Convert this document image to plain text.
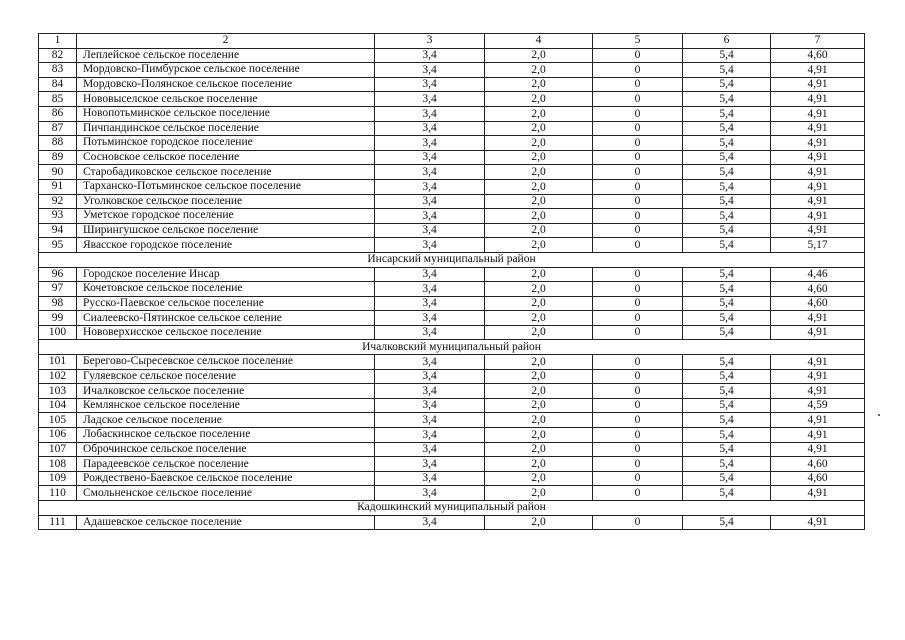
1	2	3	4	5	6	7
82	Леплейское сельское поселение	3,4	2,0	0	5,4	4,60
83	Мордовско-Пимбурское сельское поселение	3,4	2,0	0	5,4	4,91
84	Мордовско-Полянское сельское поселение	3,4	2,0	0	5,4	4,91
85	Нововыселское сельское поселение	3,4	2,0	0	5,4	4,91
86	Новопотьминское сельское поселение	3,4	2,0	0	5,4	4,91
87	Пичпандинское сельское поселение	3,4	2,0	0	5,4	4,91
88	Потьминское городское поселение	3,4	2,0	0	5,4	4,91
89	Сосновское сельское поселение	3,4	2,0	0	5,4	4,91
90	Старобадиковское сельское поселение	3,4	2,0	0	5,4	4,91
91	Тарханско-Потьминское сельское поселение	3,4	2,0	0	5,4	4,91
92	Уголковское сельское поселение	3,4	2,0	0	5,4	4,91
93	Уметское городское поселение	3,4	2,0	0	5,4	4,91
94	Ширингушское сельское поселение	3,4	2,0	0	5,4	4,91
95	Явасское городское поселение	3,4	2,0	0	5,4	5,17
Инсарский муниципальный район						
96	Городское поселение Инсар	3,4	2,0	0	5,4	4,46
97	Кочетовское сельское поселение	3,4	2,0	0	5,4	4,60
98	Русско-Паевское сельское поселение	3,4	2,0	0	5,4	4,60
99	Сиалеевско-Пятинское сельское селение	3,4	2,0	0	5,4	4,91
100	Нововерхисское сельское поселение	3,4	2,0	0	5,4	4,91
Ичалковский муниципальный район						
101	Берегово-Сыресевское сельское поселение	3,4	2,0	0	5,4	4,91
102	Гуляевское сельское поселение	3,4	2,0	0	5,4	4,91
103	Ичалковское сельское поселение	3,4	2,0	0	5,4	4,91
104	Кемлянское сельское поселение	3,4	2,0	0	5,4	4,59
105	Ладское сельское поселение	3,4	2,0	0	5,4	4,91
106	Лобаскинское сельское поселение	3,4	2,0	0	5,4	4,91
107	Оброчинское сельское поселение	3,4	2,0	0	5,4	4,91
108	Парадеевское сельское поселение	3,4	2,0	0	5,4	4,60
109	Рождествено-Баевское сельское поселение	3,4	2,0	0	5,4	4,60
110	Смольненское сельское поселение	3,4	2,0	0	5,4	4,91
Кадошкинский муниципальный район						
111	Адашевское сельское поселение	3,4	2,0	0	5,4	4,91
